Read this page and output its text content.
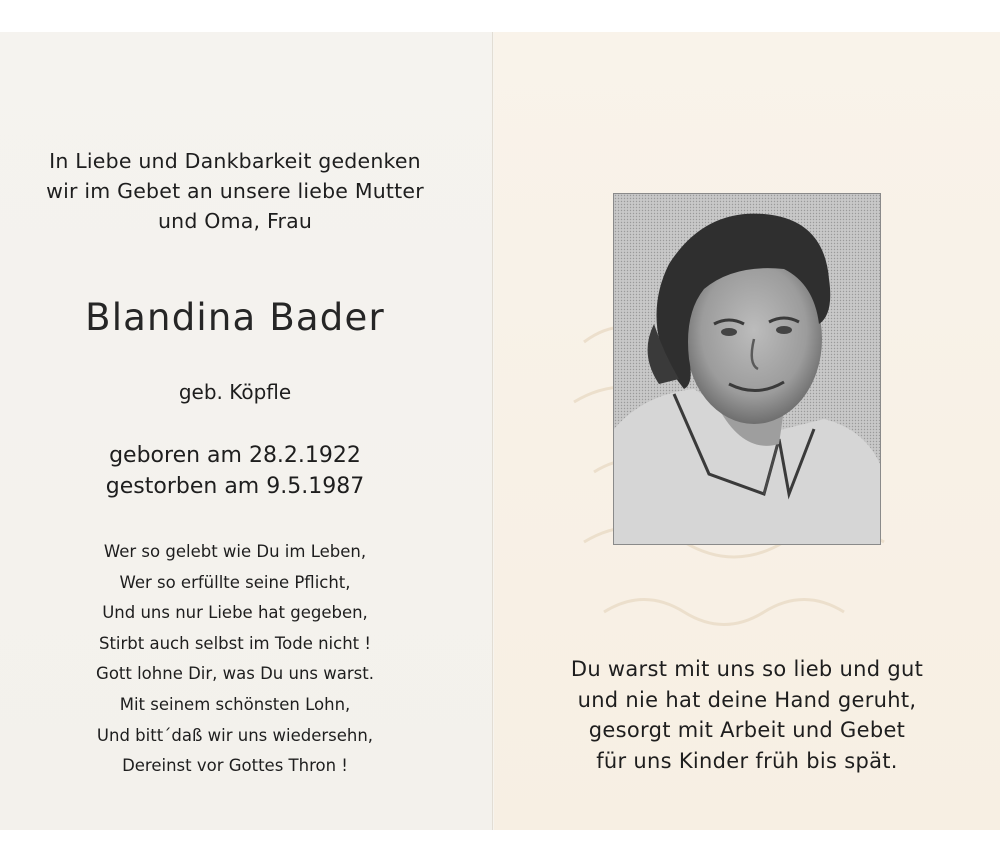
In Liebe und Dankbarkeit gedenken
wir im Gebet an unsere liebe Mutter
und Oma, Frau
Blandina Bader
geb. Köpfle
geboren am 28.2.1922
gestorben am 9.5.1987
Wer so gelebt wie Du im Leben,
Wer so erfüllte seine Pflicht,
Und uns nur Liebe hat gegeben,
Stirbt auch selbst im Tode nicht !
Gott lohne Dir, was Du uns warst.
Mit seinem schönsten Lohn,
Und bitt´daß wir uns wiedersehn,
Dereinst vor Gottes Thron !
Du warst mit uns so lieb und gut
und nie hat deine Hand geruht,
gesorgt mit Arbeit und Gebet
für uns Kinder früh bis spät.
